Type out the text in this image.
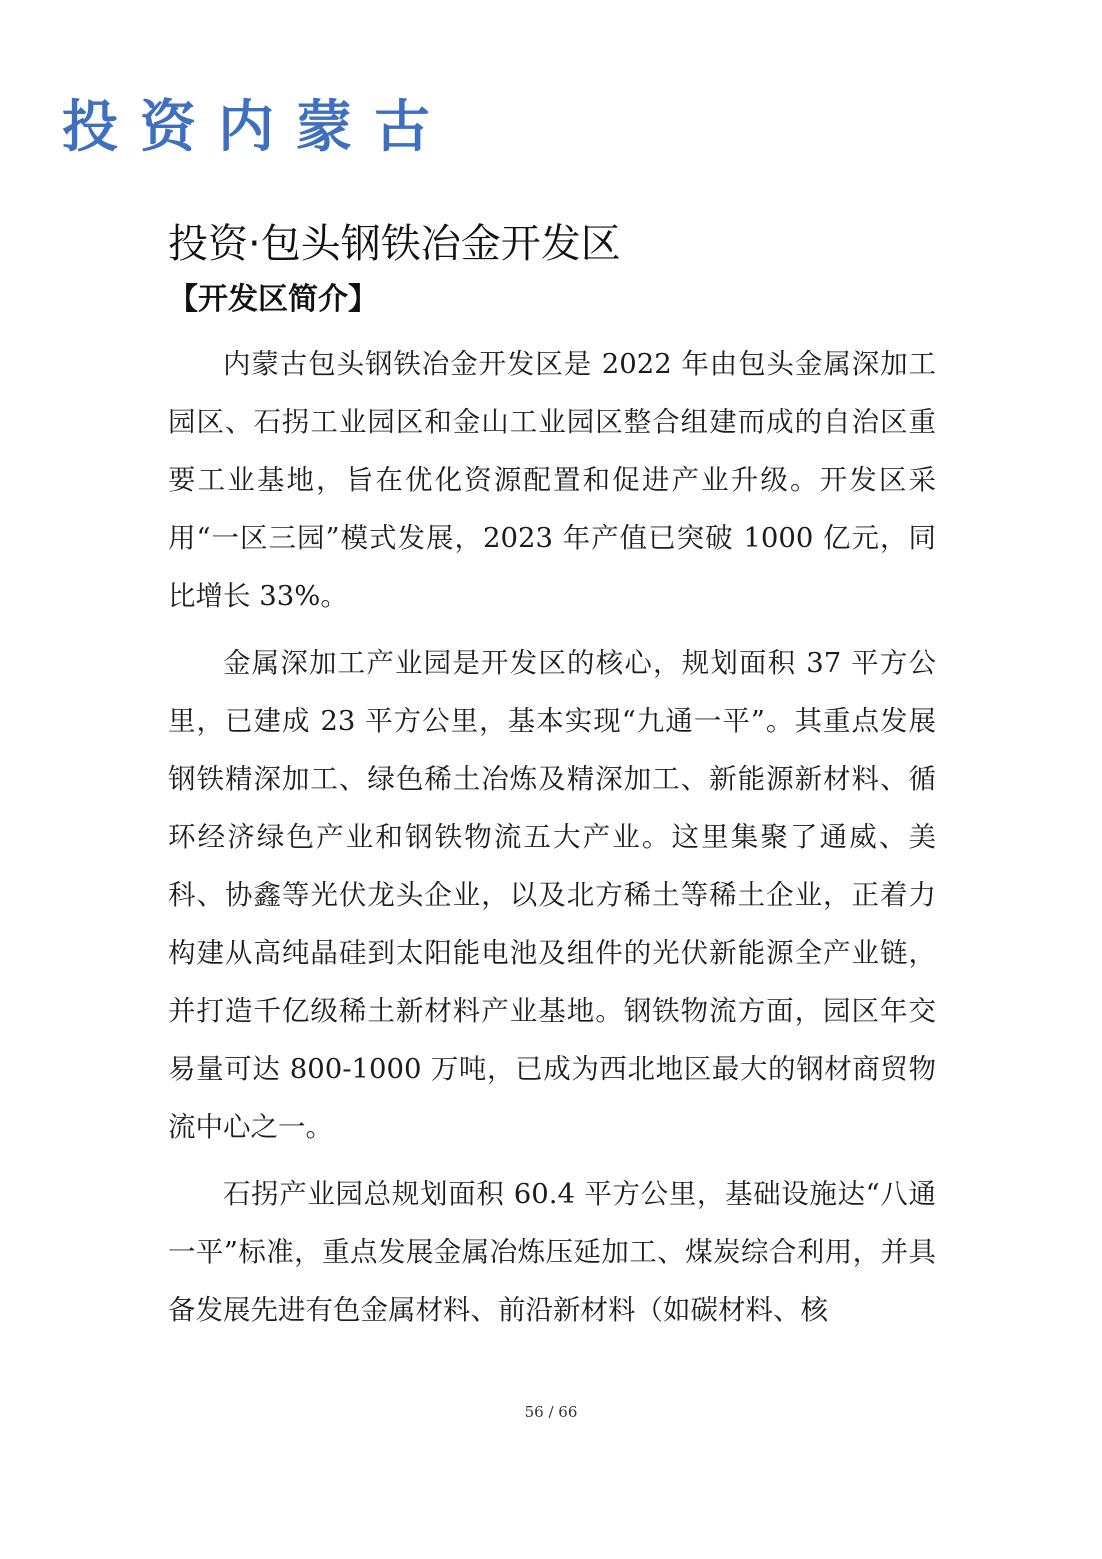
投资内蒙古
投资·包头钢铁冶金开发区
【开发区简介】

内蒙古包头钢铁冶金开发区是 2022 年由包头金属深加工园区、石拐工业园区和金山工业园区整合组建而成的自治区重要工业基地，旨在优化资源配置和促进产业升级。开发区采用“一区三园”模式发展，2023 年产值已突破 1000 亿元，同比增长 33%。

金属深加工产业园是开发区的核心，规划面积 37 平方公里，已建成 23 平方公里，基本实现“九通一平”。其重点发展钢铁精深加工、绿色稀土冶炼及精深加工、新能源新材料、循环经济绿色产业和钢铁物流五大产业。这里集聚了通威、美科、协鑫等光伏龙头企业，以及北方稀土等稀土企业，正着力构建从高纯晶硅到太阳能电池及组件的光伏新能源全产业链，并打造千亿级稀土新材料产业基地。钢铁物流方面，园区年交易量可达 800-1000 万吨，已成为西北地区最大的钢材商贸物流中心之一。

石拐产业园总规划面积 60.4 平方公里，基础设施达“八通一平”标准，重点发展金属冶炼压延加工、煤炭综合利用，并具备发展先进有色金属材料、前沿新材料（如碳材料、核

56 / 66
